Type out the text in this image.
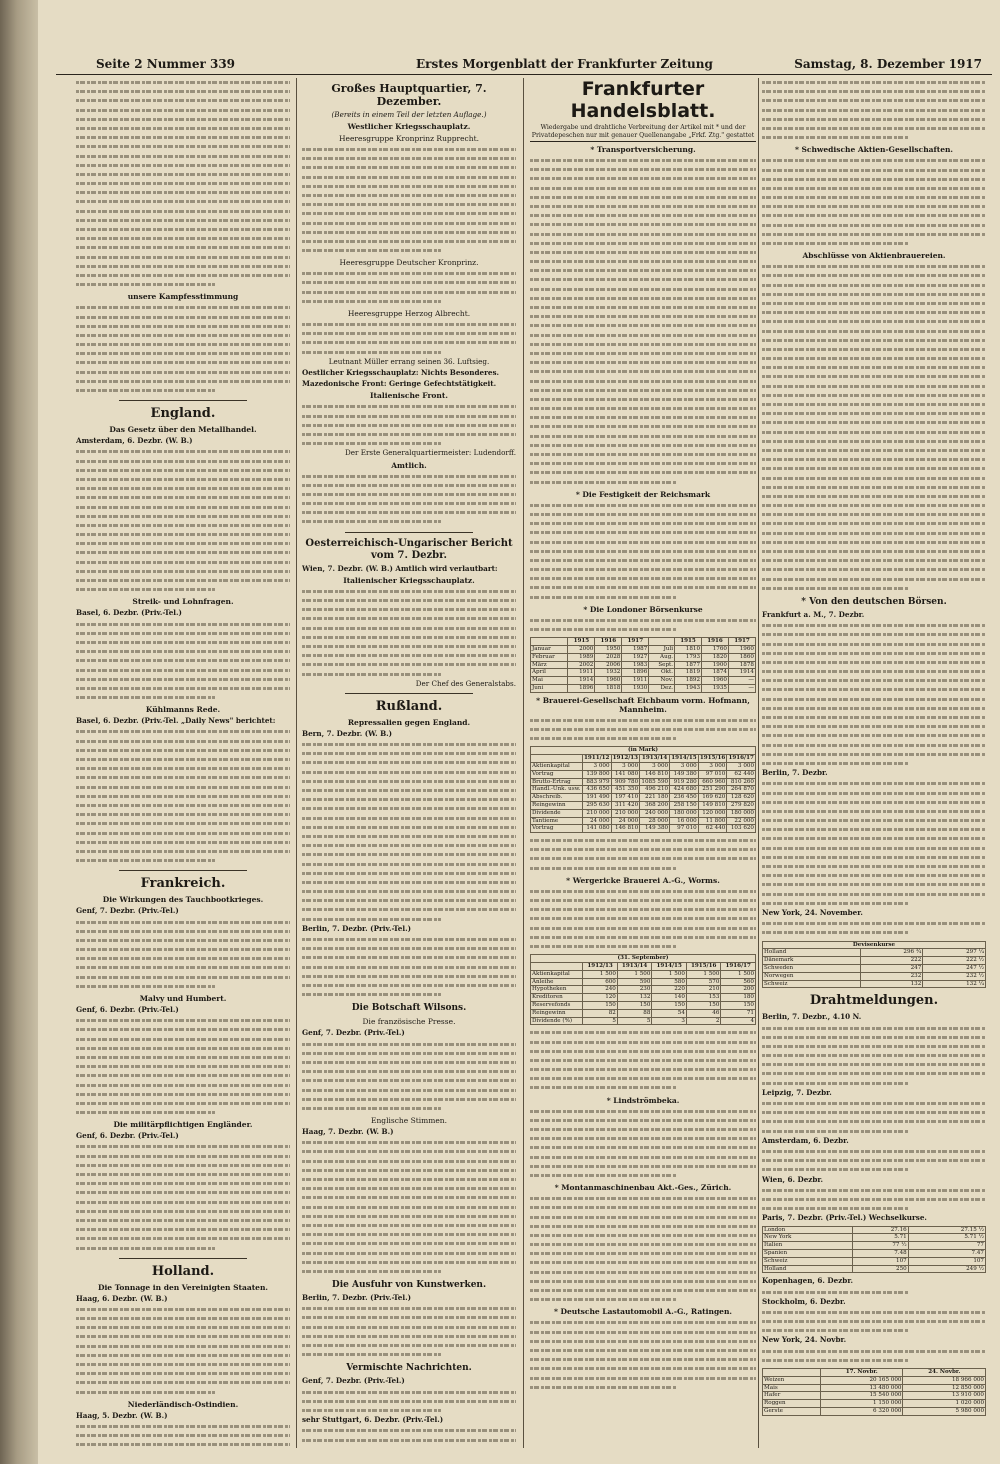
Seite 2 Nummer 339	Erstes Morgenblatt der Frankfurter Zeitung	Samstag, 8. Dezember 1917
unsere Kampfesstimmung
England.
Das Gesetz über den Metallhandel.
Amsterdam, 6. Dezbr. (W. B.)
Streik- und Lohnfragen.
Basel, 6. Dezbr. (Priv.-Tel.)
Kühlmanns Rede.
Basel, 6. Dezbr. (Priv.-Tel. „Daily News" berichtet:
Frankreich.
Die Wirkungen des Tauchbootkrieges.
Genf, 7. Dezbr. (Priv.-Tel.)
Malvy und Humbert.
Genf, 6. Dezbr. (Priv.-Tel.)
Die militärpflichtigen Engländer.
Genf, 6. Dezbr. (Priv.-Tel.)
Holland.
Die Tonnage in den Vereinigten Staaten.
Haag, 6. Dezbr. (W. B.)
Niederländisch-Ostindien.
Haag, 5. Dezbr. (W. B.)
Großes Hauptquartier, 7. Dezember.
(Bereits in einem Teil der letzten Auflage.)
Westlicher Kriegsschauplatz.
Heeresgruppe Kronprinz Rupprecht.
Heeresgruppe Deutscher Kronprinz.
Heeresgruppe Herzog Albrecht.
Leutnant Müller errang seinen 36. Luftsieg.
Oestlicher Kriegsschauplatz: Nichts Besonderes.
Mazedonische Front: Geringe Gefechtstätigkeit.
Italienische Front.
Der Erste Generalquartiermeister: Ludendorff.
Amtlich.
Oesterreichisch-Ungarischer Bericht vom 7. Dezbr.
Wien, 7. Dezbr. (W. B.) Amtlich wird verlautbart:
Italienischer Kriegsschauplatz.
Der Chef des Generalstabs.
Rußland.
Repressalien gegen England.
Bern, 7. Dezbr. (W. B.)
Berlin, 7. Dezbr. (Priv.-Tel.)
Die Botschaft Wilsons.
Die französische Presse.
Genf, 7. Dezbr. (Priv.-Tel.)
Englische Stimmen.
Haag, 7. Dezbr. (W. B.)
Die Ausfuhr von Kunstwerken.
Berlin, 7. Dezbr. (Priv.-Tel.)
Vermischte Nachrichten.
Genf, 7. Dezbr. (Priv.-Tel.)
sehr Stuttgart, 6. Dezbr. (Priv.-Tel.)
Frankfurter Handelsblatt.
Wiedergabe und drahtliche Verbreitung der Artikel mit * und der Privatdepeschen nur mit genauer Quellenangabe „Frkf. Ztg." gestattet
* Transportversicherung.
* Die Festigkeit der Reichsmark
* Die Londoner Börsenkurse
	1915	1916	1917		1915	1916	1917
Januar	2000	1950	1987	Juli	1810	1760	1960
Februar	1989	2028	1927	Aug.	1793	1820	1860
März	2002	2006	1983	Sept.	1877	1900	1878
April	1911	1932	1896	Okt.	1819	1874	1914
Mai	1914	1960	1911	Nov.	1892	1960	—
Juni	1896	1818	1930	Dez.	1943	1935	—
* Brauerei-Gesellschaft Eichbaum vorm. Hofmann, Mannheim.
(in Mark)						
	1911/12	1912/13	1913/14	1914/15	1915/16	1916/17
Aktienkapital	3 000	3 000	3 000	3 000	3 000	3 000
Vortrag	139 800	141 080	146 810	149 380	97 010	62 440
Brutto-Ertrag	883 979	909 780	1085 590	919 280	660 960	810 260
Handl.-Unk. usw.	436 650	451 350	496 210	424 680	251 290	264 870
Abschreib.	191 490	197 410	221 180	236 450	169 620	128 620
Reingewinn	295 630	311 420	368 200	258 150	149 810	279 820
Dividende	210 000	210 000	240 000	180 000	120 000	180 000
Tantieme	24 000	24 000	28 000	16 000	11 800	22 000
Vortrag	141 080	146 810	149 380	97 010	62 440	103 620
* Wergericke Brauerei A.-G., Worms.
(31. September)					
	1912/13	1913/14	1914/15	1915/16	1916/17
Aktienkapital	1 500	1 500	1 500	1 500	1 500
Anleihe	600	590	580	570	560
Hypotheken	240	230	220	210	200
Kreditoren	120	132	140	153	180
Reservefonds	150	150	150	150	150
Reingewinn	82	88	54	46	71
Dividende (%)	5	5	3	2	4
* Lindströmbeka.
* Montanmaschinenbau Akt.-Ges., Zürich.
* Deutsche Lastautomobil A.-G., Ratingen.
* Schwedische Aktien-Gesellschaften.
Abschlüsse von Aktienbrauereien.
* Von den deutschen Börsen.
Frankfurt a. M., 7. Dezbr.
Berlin, 7. Dezbr.
New York, 24. November.
Devisenkurse		
Holland	296 ¾	297 ¼
Dänemark	222	222 ½
Schweden	247	247 ½
Norwegen	232	232 ½
Schweiz	132	132 ¼
Drahtmeldungen.
Berlin, 7. Dezbr., 4.10 N.
Leipzig, 7. Dezbr.
Amsterdam, 6. Dezbr.
Wien, 6. Dezbr.
Paris, 7. Dezbr. (Priv.-Tel.) Wechselkurse.
London	27.16	27.15 ½
New York	5.71	5.71 ½
Italien	77 ½	77
Spanien	7.48	7.47
Schweiz	107	107
Holland	250	249 ½
Kopenhagen, 6. Dezbr.
Stockholm, 6. Dezbr.
New York, 24. Novbr.
	17. Novbr.	24. Novbr.
Weizen	20 165 000	18 966 000
Mais	13 480 000	12 850 000
Hafer	15 540 000	13 910 000
Roggen	1 150 000	1 020 000
Gerste	6 320 000	5 980 000
